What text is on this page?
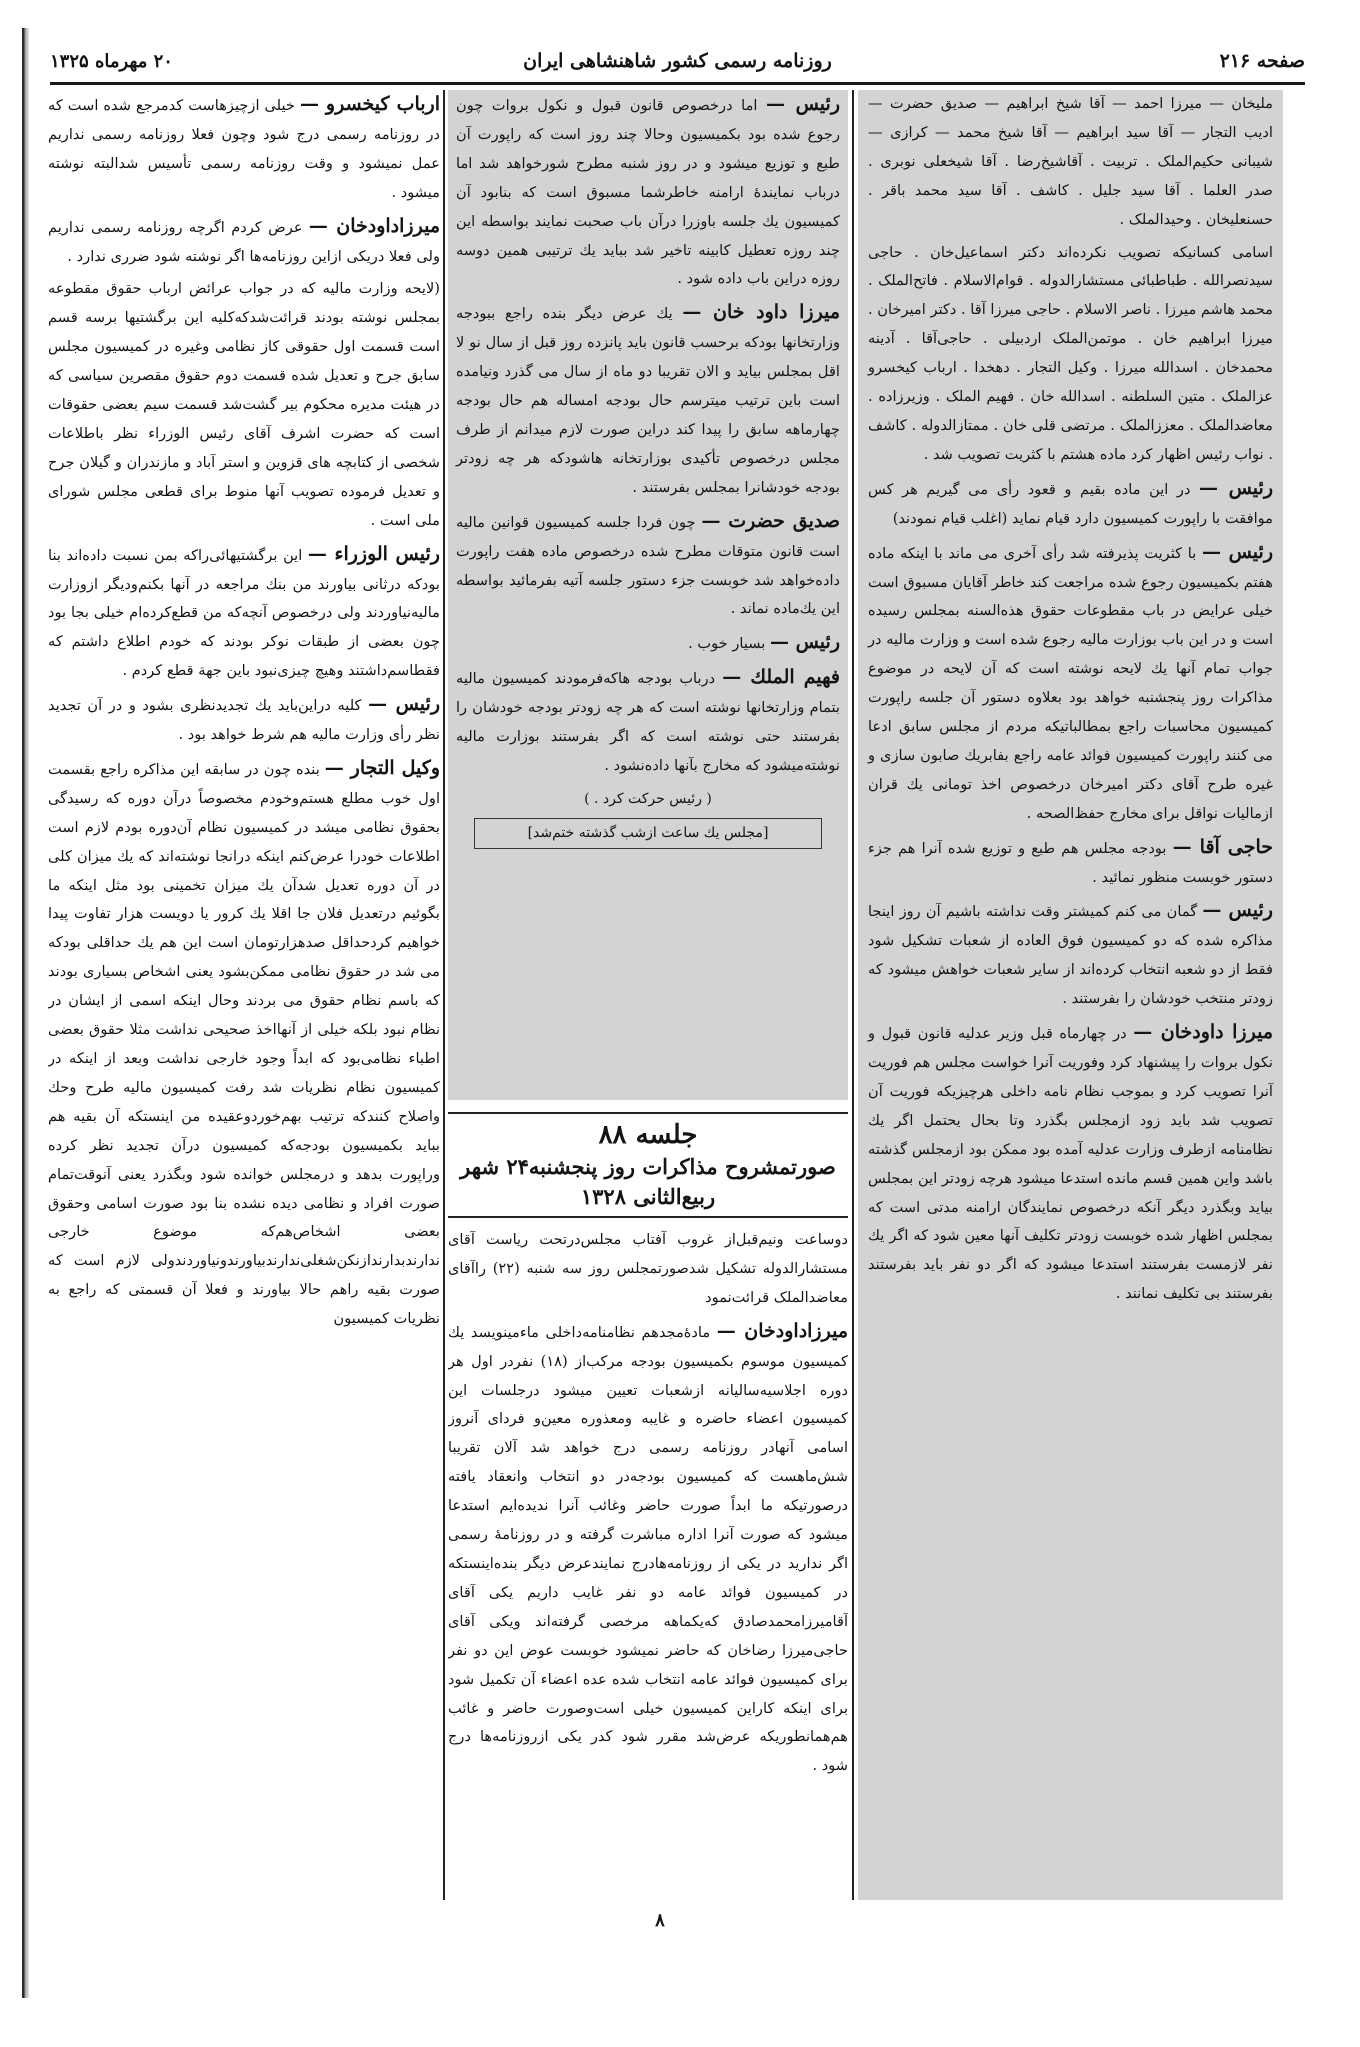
صفحه ۲۱۶
روزنامه رسمی کشور شاهنشاهی ایران
۲۰ مهرماه ۱۳۲۵

ملیخان — میرزا احمد — آقا شیخ ابراهیم — صدیق حضرت — ادیب التجار — آقا سید ابراهیم — آقا شیخ محمد — کرازی — شیبانی حکیم‌الملک . تربیت . آقاشیخ‌رضا . آقا شیخعلی نوبری . صدر العلما . آقا سید جلیل . کاشف . آقا سید محمد باقر . حسنعلیخان . وحیدالملک .

اسامی کسانیکه تصویب نکرده‌اند دکتر اسماعیل‌خان . حاجی سیدنصرالله . طباطبائی مستشارالدوله . قوام‌الاسلام . فاتح‌الملک . محمد هاشم میرزا . ناصر الاسلام . حاجی میرزا آقا . دکتر امیرخان . میرزا ابراهیم خان . موتمن‌الملک اردبیلی . حاجی‌آقا . آدینه محمدخان . اسدالله میرزا . وکیل التجار . دهخدا . ارباب کیخسرو عزالملک . متین السلطنه . اسدالله خان . فهیم الملک . وزیرزاده . معاضدالملک . معززالملک . مرتضی قلی خان . ممتازالدوله . کاشف . نواب رئیس اظهار کرد ماده هشتم با کثریت تصویب شد .

رئیس — در این ماده بقیم و قعود رأی می گیریم هر کس موافقت با راپورت کمیسیون دارد قیام نماید (اغلب قیام نمودند)

رئیس — با کثریت پذیرفته شد رأی آخری می ماند با اینکه ماده هفتم بکمیسیون رجوع شده مراجعت کند خاطر آقایان مسبوق است خیلی عرایض در باب مقطوعات حقوق هذه‌السنه بمجلس رسیده است و در این باب بوزارت مالیه رجوع شده است و وزارت مالیه در جواب تمام آنها یك لایحه نوشته است که آن لایحه در موضوع مذاکرات روز پنجشنبه خواهد بود بعلاوه دستور آن جلسه راپورت کمیسیون محاسبات راجع بمطالباتیکه مردم از مجلس سابق ادعا می کنند راپورت کمیسیون فوائد عامه راجع بفابریك صابون سازی و غیره طرح آقای دکتر امیرخان درخصوص اخذ تومانی یك قران ازمالیات نواقل برای مخارج حفظ‌الصحه .

حاجی آقا — بودجه مجلس هم طبع و توزیع شده آنرا هم جزء دستور خوبست منظور نمائید .

رئیس — گمان می کنم کمیشتر وقت نداشته باشیم آن روز اینجا مذاکره شده که دو کمیسیون فوق العاده از شعبات تشکیل شود فقط از دو شعبه انتخاب کرده‌اند از سایر شعبات خواهش میشود که زودتر منتخب خودشان را بفرستند .

میرزا داودخان — در چهارماه قبل وزیر عدلیه قانون قبول و نکول بروات را پیشنهاد کرد وفوریت آنرا خواست مجلس هم فوریت آنرا تصویب کرد و بموجب نظام نامه داخلی هرچیزیکه فوریت آن تصویب شد باید زود ازمجلس بگذرد وتا بحال یحتمل اگر یك نظامنامه ازطرف وزارت عدلیه آمده بود ممکن بود ازمجلس گذشته باشد واین همین قسم مانده استدعا میشود هرچه زودتر این بمجلس بیاید وبگذرد دیگر آنکه درخصوص نمایندگان ارامنه مدتی است که بمجلس اظهار شده خوبست زودتر تکلیف آنها معین شود که اگر یك نفر لازمست بفرستند استدعا میشود که اگر دو نفر باید بفرستند بفرستند بی تکلیف نمانند .

رئیس — اما درخصوص قانون قبول و نکول بروات چون رجوع شده بود بکمیسیون وحالا چند روز است که راپورت آن طبع و توزیع میشود و در روز شنبه مطرح شورخواهد شد اما درباب نمایندهٔ ارامنه خاطرشما مسبوق است که بنابود آن کمیسیون یك جلسه باوزرا درآن باب صحبت نمایند بواسطه این چند روزه تعطیل کابینه تاخیر شد بباید یك ترتیبی همین دوسه روزه دراین باب داده شود .

میرزا داود خان — یك عرض دیگر بنده راجع ببودجه وزارتخانها بودکه برحسب قانون باید پانزده روز قبل از سال نو لا اقل بمجلس بیاید و الان تقریبا دو ماه از سال می گذرد ونیامده است باین ترتیب میترسم حال بودجه امساله هم حال بودجه چهارماهه سابق را پیدا کند دراین صورت لازم میدانم از طرف مجلس درخصوص تأکیدی بوزارتخانه هاشودکه هر چه زودتر بودجه خودشانرا بمجلس بفرستند .

صدیق حضرت — چون فردا جلسه کمیسیون قوانین مالیه است قانون متوقات مطرح شده درخصوص ماده هفت راپورت داده‌خواهد شد خوبست جزء دستور جلسه آتیه بفرمائید بواسطه این یك‌ماده نماند .

رئیس — بسیار خوب .

فهیم الملك — درباب بودجه هاکه‌فرمودند کمیسیون مالیه بتمام وزارتخانها نوشته است که هر چه زودتر بودجه خودشان را بفرستند حتی نوشته است که اگر بفرستند بوزارت مالیه نوشته‌میشود که مخارج بآنها داده‌نشود .

( رئیس حرکت کرد . )
[مجلس یك ساعت ازشب گذشته ختم‌شد]
جلسه ۸۸
صورتمشروح مذاکرات روز پنجشنبه۲۴ شهر ربیع‌الثانی ۱۳۲۸

دوساعت ونیم‌قبل‌از غروب آفتاب مجلس‌درتحت ریاست آقای مستشارالدوله تشکیل شدصورتمجلس روز سه شنبه (۲۲) راآقای معاضدالملک قرائت‌نمود

میرزاداودخان — مادهٔ‌مجدهم نظامنامه‌داخلی ماءمینویسد یك کمیسیون موسوم بکمیسیون بودجه مرکب‌از (۱۸) نفردر اول هر دوره اجلاسیه‌سالیانه ازشعبات تعیین میشود درجلسات این کمیسیون اعضاء حاضره و غایبه ومعذوره معین‌و فردای آنروز اسامی آنهادر روزنامه رسمی درج خواهد شد آلان تقریبا شش‌ماهست که کمیسیون بودجه‌در دو انتخاب وانعقاد یافته درصورتیکه ما ابداً صورت حاضر وغائب آنرا ندیده‌ایم استدعا میشود که صورت آنرا اداره مباشرت گرفته و در روزنامهٔ رسمی اگر ندارید در یکی از روزنامه‌هادرج نمایندعرض دیگر بنده‌اینستکه در کمیسیون فوائد عامه دو نفر غایب داریم یکی آقای آقامیرزامحمدصادق که‌یکماهه مرخصی گرفته‌اند ویکی آقای حاجی‌میرزا رضاخان که حاضر نمیشود خوبست عوض این دو نفر برای کمیسیون فوائد عامه انتخاب شده عده اعضاء آن تکمیل شود برای اینکه کاراین کمیسیون خیلی است‌وصورت حاضر و غائب هم‌همانطوریکه عرض‌شد مقرر شود کدر یکی ازروزنامه‌ها درج شود .

ارباب کیخسرو — خیلی ازچیزهاست کدمرجع شده است که در روزنامه رسمی درج شود وچون فعلا روزنامه رسمی نداریم عمل نمیشود و وقت روزنامه رسمی تأسیس شدالبته نوشته میشود .

میرزاداودخان — عرض کردم اگرچه روزنامه رسمی نداریم ولی فعلا دریکی ازاین روزنامه‌ها اگر نوشته شود ضرری ندارد .

(لایحه وزارت مالیه که در جواب عرائض ارباب حقوق مقطوعه بمجلس نوشته بودند قرائت‌شدکه‌کلیه این برگشتیها برسه قسم است قسمت اول حقوقی کاز نظامی وغیره در کمیسیون مجلس سابق جرح و تعدیل شده قسمت دوم حقوق مقصرین سیاسی که در هیئت مدیره محکوم بیر گشت‌شد قسمت سیم بعضی حقوقات است که حضرت اشرف آقای رئیس الوزراء نظر باطلاعات شخصی از کتابچه های قزوین و استر آباد و مازندران و گیلان جرح و تعدیل فرموده تصویب آنها منوط برای قطعی مجلس شورای ملی است .

رئیس الوزراء — این برگشتیهائی‌راکه بمن نسبت داده‌اند بنا بودکه درثانی بیاورند من بنك مراجعه در آنها بکنم‌ودیگر ازوزارت مالیه‌نیاوردند ولی درخصوص آنچه‌که من قطع‌کرده‌ام خیلی بجا بود چون بعضی از طبقات نوکر بودند که خودم اطلاع داشتم که فقطاسم‌داشتند وهیچ چیزی‌نبود باین جهة قطع کردم .

رئیس — کلیه دراین‌باید یك تجدید‌نظری بشود و در آن تجدید نظر رأی وزارت مالیه هم شرط خواهد بود .

وکیل التجار — بنده چون در سابقه این مذاکره راجع بقسمت اول خوب مطلع هستم‌وخودم مخصوصاً درآن دوره که رسیدگی بحقوق نظامی میشد در کمیسیون نظام آن‌دوره بودم لازم است اطلاعات خودرا عرض‌کنم اینکه درانجا نوشته‌اند که یك میزان کلی در آن دوره تعدیل شدآن یك میزان تخمینی بود مثل اینکه ما بگوئیم درتعدیل فلان جا اقلا یك کرور یا دویست هزار تفاوت پیدا خواهیم کردحداقل صدهزارتومان است این هم یك حداقلی بودکه می شد در حقوق نظامی ممکن‌بشود یعنی اشخاص بسیاری بودند که باسم نظام حقوق می بردند وحال اینکه اسمی از ایشان در نظام نبود بلکه خیلی از آنهااخذ صحیحی نداشت مثلا حقوق بعضی اطباء نظامی‌بود که ابداً وجود خارجی نداشت وبعد از اینکه در کمیسیون نظام نظریات شد رفت کمیسیون مالیه طرح وحك واصلاح کنندکه ترتیب بهم‌خوردوعقیده من اینستکه آن بقیه هم بباید بکمیسیون بودجه‌که کمیسیون درآن تجدید نظر کرده وراپورت بدهد و درمجلس خوانده شود وبگذرد یعنی آنوقت‌تمام صورت افراد و نظامی دیده نشده بنا بود صورت اسامی وحقوق بعضی اشخاص‌هم‌که موضوع خارجی ندارند‌بدارند‌ازنکن‌شغلی‌ندارند‌بیاورند‌ونیاوردند‌ولی لازم است که صورت بقیه راهم حالا بیاورند و فعلا آن قسمتی که راجع به نظریات کمیسیون

۸
